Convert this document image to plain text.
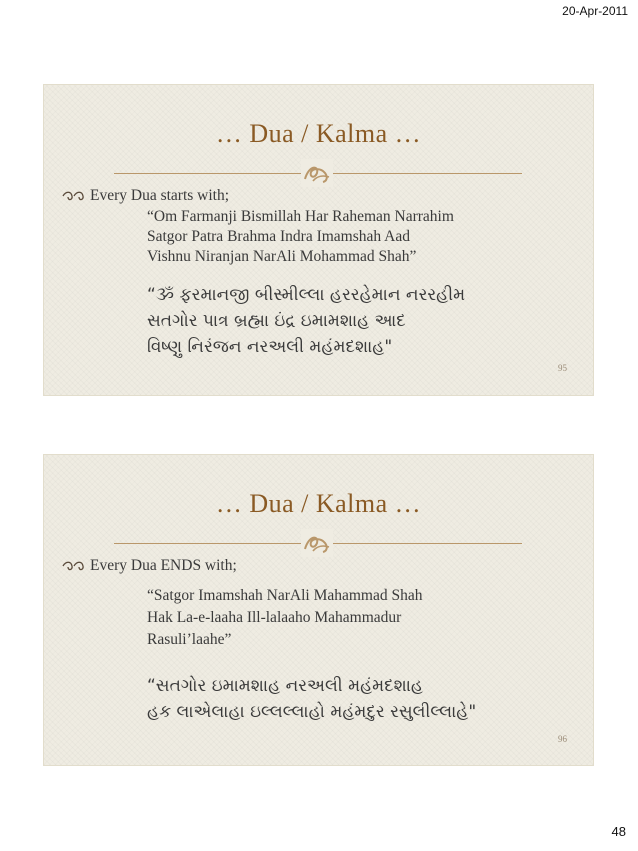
20-Apr-2011
… Dua / Kalma …
Every Dua starts with;
“Om Farmanji Bismillah Har Raheman Narrahim
Satgor Patra Brahma Indra Imamshah Aad
Vishnu Niranjan NarAli Mohammad Shah”
“ૐ ફરમાનજી બીસ્મીલ્લા હરરહેમાન નરરહીમ
સતગોર પાત્ર બ્રહ્મા ઇંદ્ર ઇમામશાહ આદ
વિષ્ણુ નિરંજન નરઅલી મહંમદશાહ"
95
… Dua / Kalma …
Every Dua ENDS with;
“Satgor Imamshah NarAli Mahammad Shah
Hak La-e-laaha Ill-lalaaho Mahammadur
Rasuli’laahe”
“સતગોર ઇમામશાહ નરઅલી મહંમદશાહ
હક લાએલાહા ઇલ્લલ્લાહો મહંમદુર રસુલીલ્લાહે"
96
48
